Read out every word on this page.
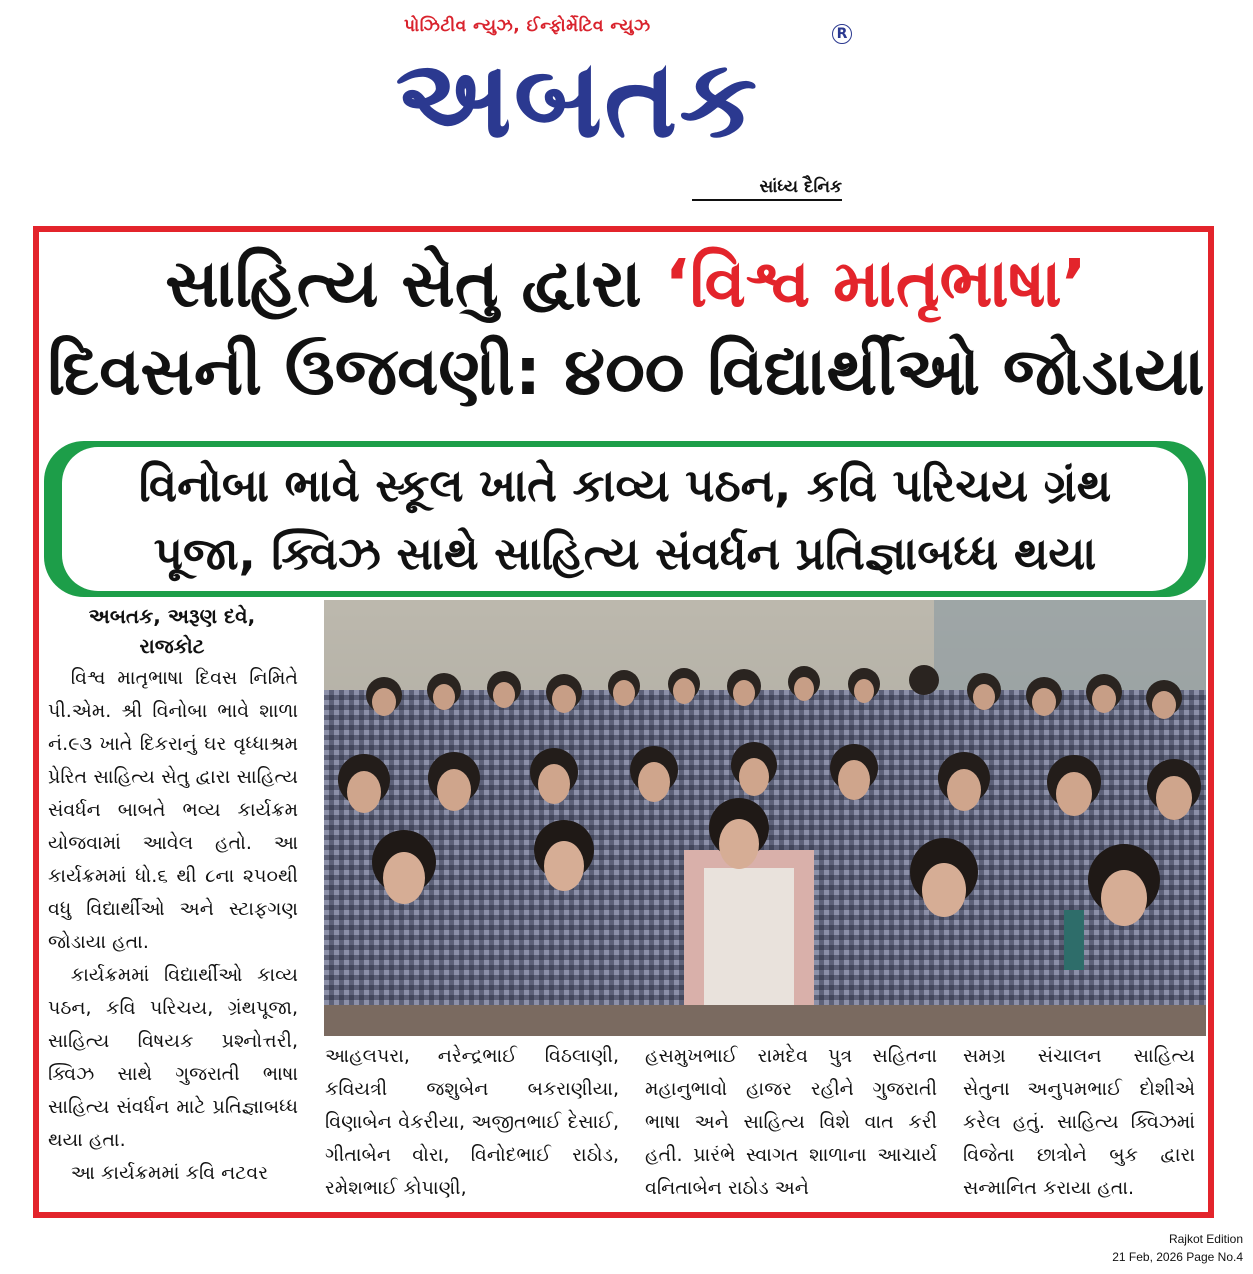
પોઝિટીવ ન્યુઝ, ઈન્ફોર્મેટિવ ન્યુઝ
અબતક
R
સાંધ્ય દૈનિક
સાહિત્ય સેતુ દ્વારા ‘વિશ્વ માતૃભાષા’
દિવસની ઉજવણી: ૪૦૦ વિદ્યાર્થીઓ જોડાયા
વિનોબા ભાવે સ્કૂલ ખાતે કાવ્ય પઠન, કવિ પરિચય ગ્રંથ
પૂજા, ક્વિઝ સાથે સાહિત્ય સંવર્ધન પ્રતિજ્ઞાબધ્ધ થયા
અબતક, અરૂણ દવે,
રાજકોટ

વિશ્વ માતૃભાષા દિવસ નિમિતે પી.એમ. શ્રી વિનોબા ભાવે શાળા નં.૯૩ ખાતે દિકરાનું ઘર વૃધ્ધાશ્રમ પ્રેરિત સાહિત્ય સેતુ દ્વારા સાહિત્ય સંવર્ધન બાબતે ભવ્ય કાર્યક્રમ યોજવામાં આવેલ હતો. આ કાર્યક્રમમાં ધો.૬ થી ૮ના ૨૫૦થી વધુ વિદ્યાર્થીઓ અને સ્ટાફગણ જોડાયા હતા.

કાર્યક્રમમાં વિદ્યાર્થીઓ કાવ્ય પઠન, કવિ પરિચય, ગ્રંથપૂજા, સાહિત્ય વિષયક પ્રશ્નોત્તરી, ક્વિઝ સાથે ગુજરાતી ભાષા સાહિત્ય સંવર્ધન માટે પ્રતિજ્ઞાબધ્ધ થયા હતા.

આ કાર્યક્રમમાં કવિ નટવર

આહલપરા, નરેન્દ્રભાઈ વિઠલાણી, કવિયત્રી જશુબેન બકરાણીયા, વિણાબેન વેકરીયા, અજીતભાઈ દેસાઈ, ગીતાબેન વોરા, વિનોદભાઈ રાઠોડ, રમેશભાઈ કોપાણી,
હસમુખભાઈ રામદેવ પુત્ર સહિતના મહાનુભાવો હાજર રહીને ગુજરાતી ભાષા અને સાહિત્ય વિશે વાત કરી હતી. પ્રારંભે સ્વાગત શાળાના આચાર્ય વનિતાબેન રાઠોડ અને
સમગ્ર સંચાલન સાહિત્ય સેતુના અનુપમભાઈ દોશીએ કરેલ હતું. સાહિત્ય ક્વિઝમાં વિજેતા છાત્રોને બુક દ્વારા સન્માનિત કરાયા હતા.
Rajkot Edition
21 Feb, 2026 Page No.4
